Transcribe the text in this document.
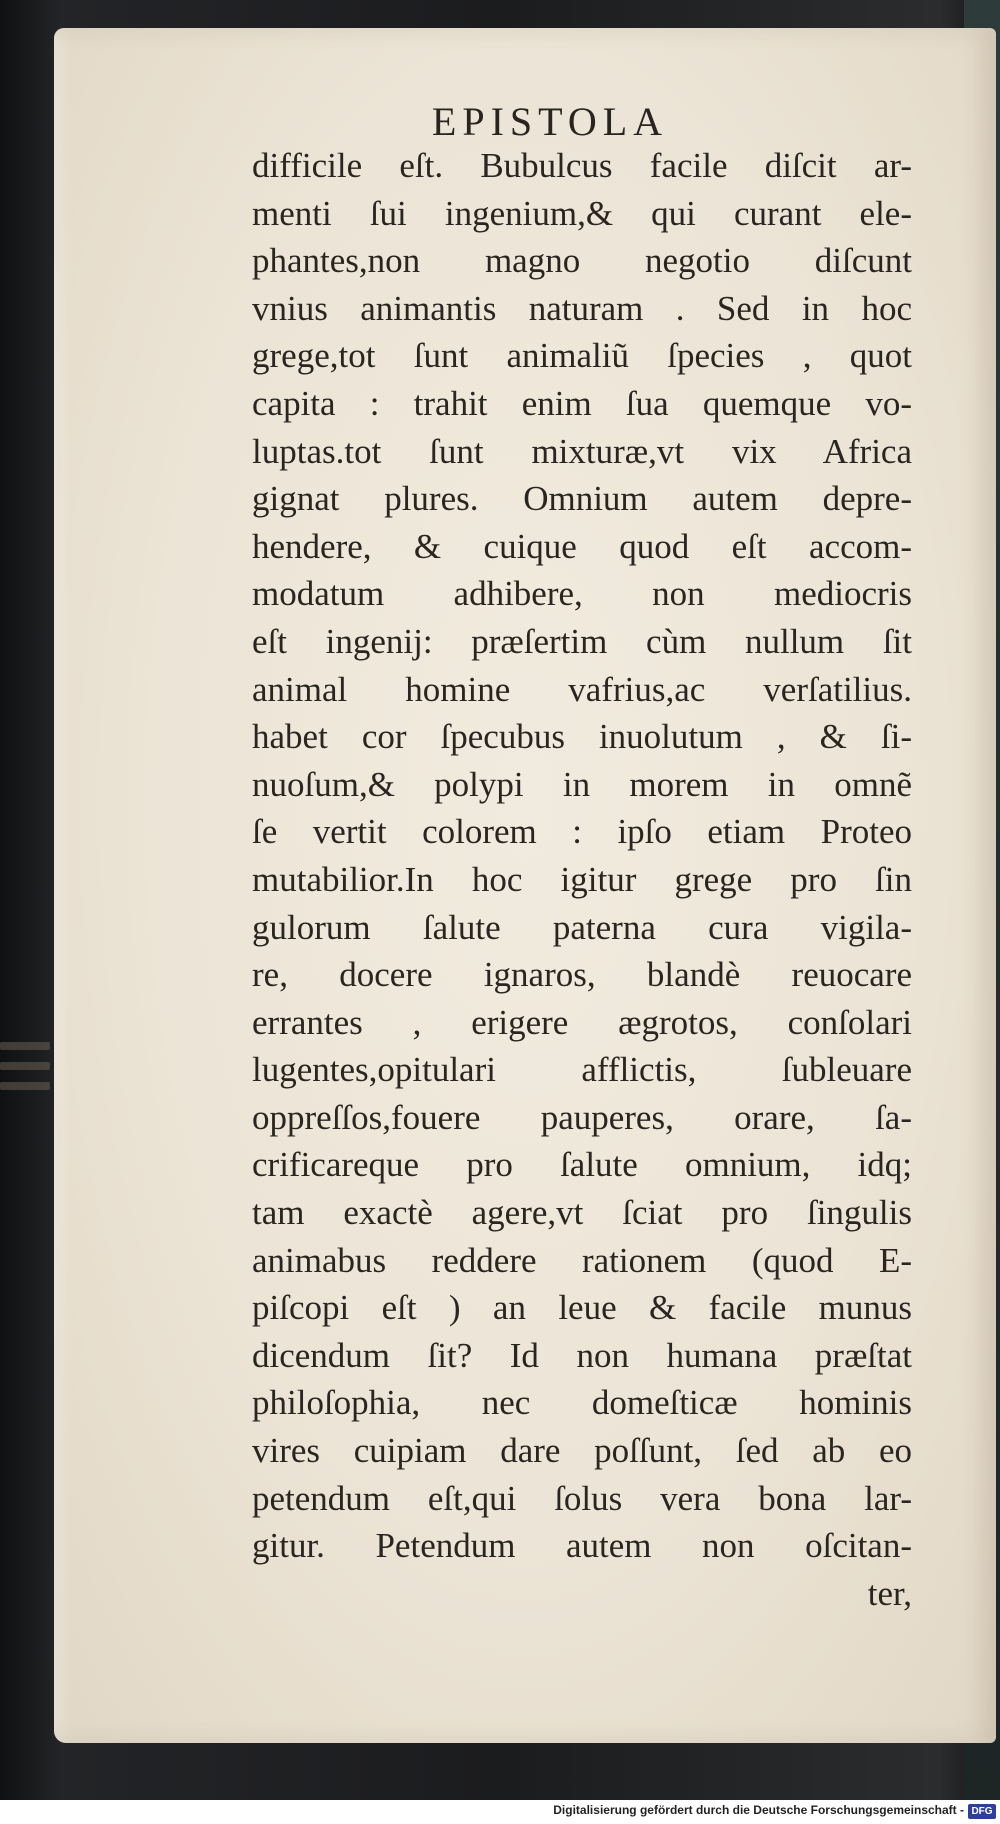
EPISTOLA
difficile eſt. Bubulcus facile diſcit ar-
menti ſui ingenium,& qui curant ele-
phantes,non magno negotio diſcunt
vnius animantis naturam . Sed in hoc
grege,tot ſunt animaliũ ſpecies , quot
capita : trahit enim ſua quemque vo-
luptas.tot ſunt mixturæ,vt vix Africa
gignat plures. Omnium autem depre-
hendere, & cuique quod eſt accom-
modatum adhibere, non mediocris
eſt ingenij: præſertim cùm nullum ſit
animal homine vafrius,ac verſatilius.
habet cor ſpecubus inuolutum , & ſi-
nuoſum,& polypi in morem in omnẽ
ſe vertit colorem : ipſo etiam Proteo
mutabilior.In hoc igitur grege pro ſin
gulorum ſalute paterna cura vigila-
re, docere ignaros, blandè reuocare
errantes , erigere ægrotos, conſolari
lugentes,opitulari afflictis, ſubleuare
oppreſſos,fouere pauperes, orare, ſa-
crificareque pro ſalute omnium, idq;
tam exactè agere,vt ſciat pro ſingulis
animabus reddere rationem (quod E-
piſcopi eſt ) an leue & facile munus
dicendum ſit? Id non humana præſtat
philoſophia, nec domeſticæ hominis
vires cuipiam dare poſſunt, ſed ab eo
petendum eſt,qui ſolus vera bona lar-
gitur. Petendum autem non oſcitan-
ter,
Digitalisierung gefördert durch die Deutsche Forschungsgemeinschaft - DFG
